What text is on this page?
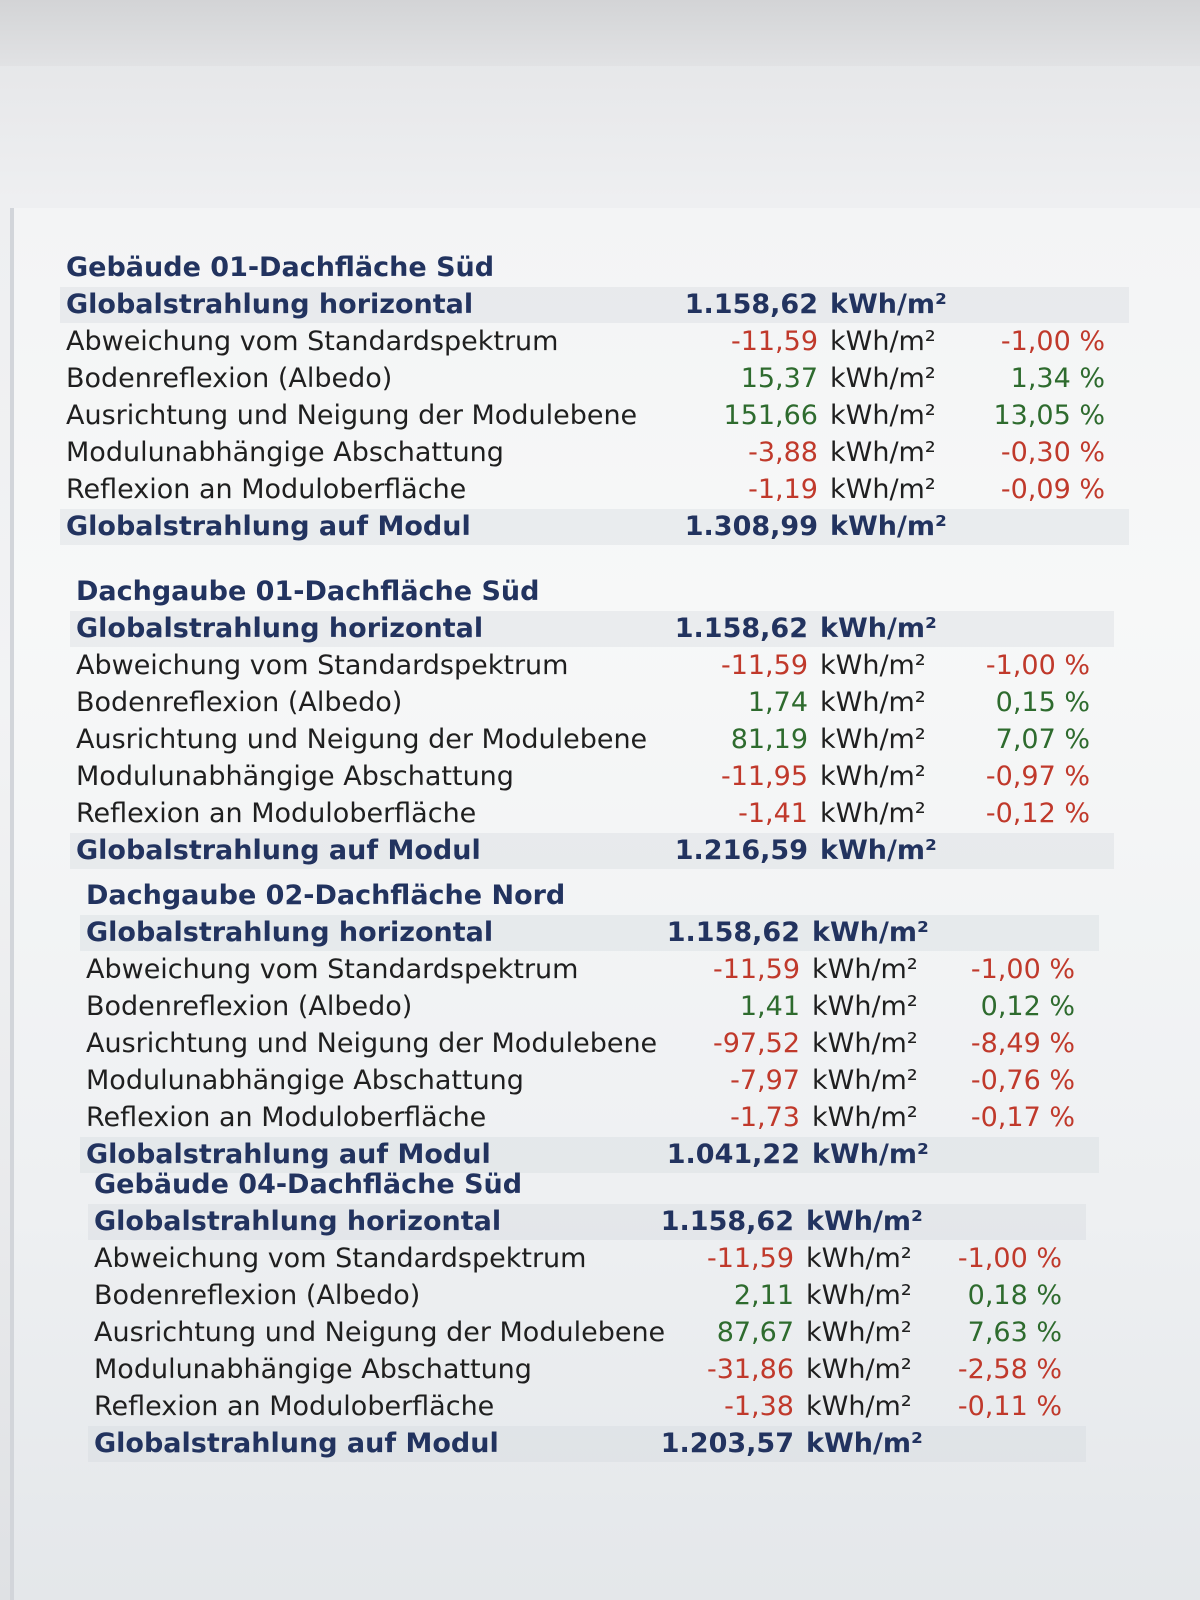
Gebäude 01-Dachfläche Süd
Globalstrahlung horizontal	1.158,62 kWh/m²
Abweichung vom Standardspektrum	-11,59 kWh/m²	-1,00 %
Bodenreflexion (Albedo)	15,37 kWh/m²	1,34 %
Ausrichtung und Neigung der Modulebene	151,66 kWh/m²	13,05 %
Modulunabhängige Abschattung	-3,88 kWh/m²	-0,30 %
Reflexion an Moduloberfläche	-1,19 kWh/m²	-0,09 %
Globalstrahlung auf Modul	1.308,99 kWh/m²
Dachgaube 01-Dachfläche Süd
Globalstrahlung horizontal	1.158,62 kWh/m²
Abweichung vom Standardspektrum	-11,59 kWh/m²	-1,00 %
Bodenreflexion (Albedo)	1,74 kWh/m²	0,15 %
Ausrichtung und Neigung der Modulebene	81,19 kWh/m²	7,07 %
Modulunabhängige Abschattung	-11,95 kWh/m²	-0,97 %
Reflexion an Moduloberfläche	-1,41 kWh/m²	-0,12 %
Globalstrahlung auf Modul	1.216,59 kWh/m²
Dachgaube 02-Dachfläche Nord
Globalstrahlung horizontal	1.158,62 kWh/m²
Abweichung vom Standardspektrum	-11,59 kWh/m²	-1,00 %
Bodenreflexion (Albedo)	1,41 kWh/m²	0,12 %
Ausrichtung und Neigung der Modulebene	-97,52 kWh/m²	-8,49 %
Modulunabhängige Abschattung	-7,97 kWh/m²	-0,76 %
Reflexion an Moduloberfläche	-1,73 kWh/m²	-0,17 %
Globalstrahlung auf Modul	1.041,22 kWh/m²
Gebäude 04-Dachfläche Süd
Globalstrahlung horizontal	1.158,62 kWh/m²
Abweichung vom Standardspektrum	-11,59 kWh/m²	-1,00 %
Bodenreflexion (Albedo)	2,11 kWh/m²	0,18 %
Ausrichtung und Neigung der Modulebene	87,67 kWh/m²	7,63 %
Modulunabhängige Abschattung	-31,86 kWh/m²	-2,58 %
Reflexion an Moduloberfläche	-1,38 kWh/m²	-0,11 %
Globalstrahlung auf Modul	1.203,57 kWh/m²
